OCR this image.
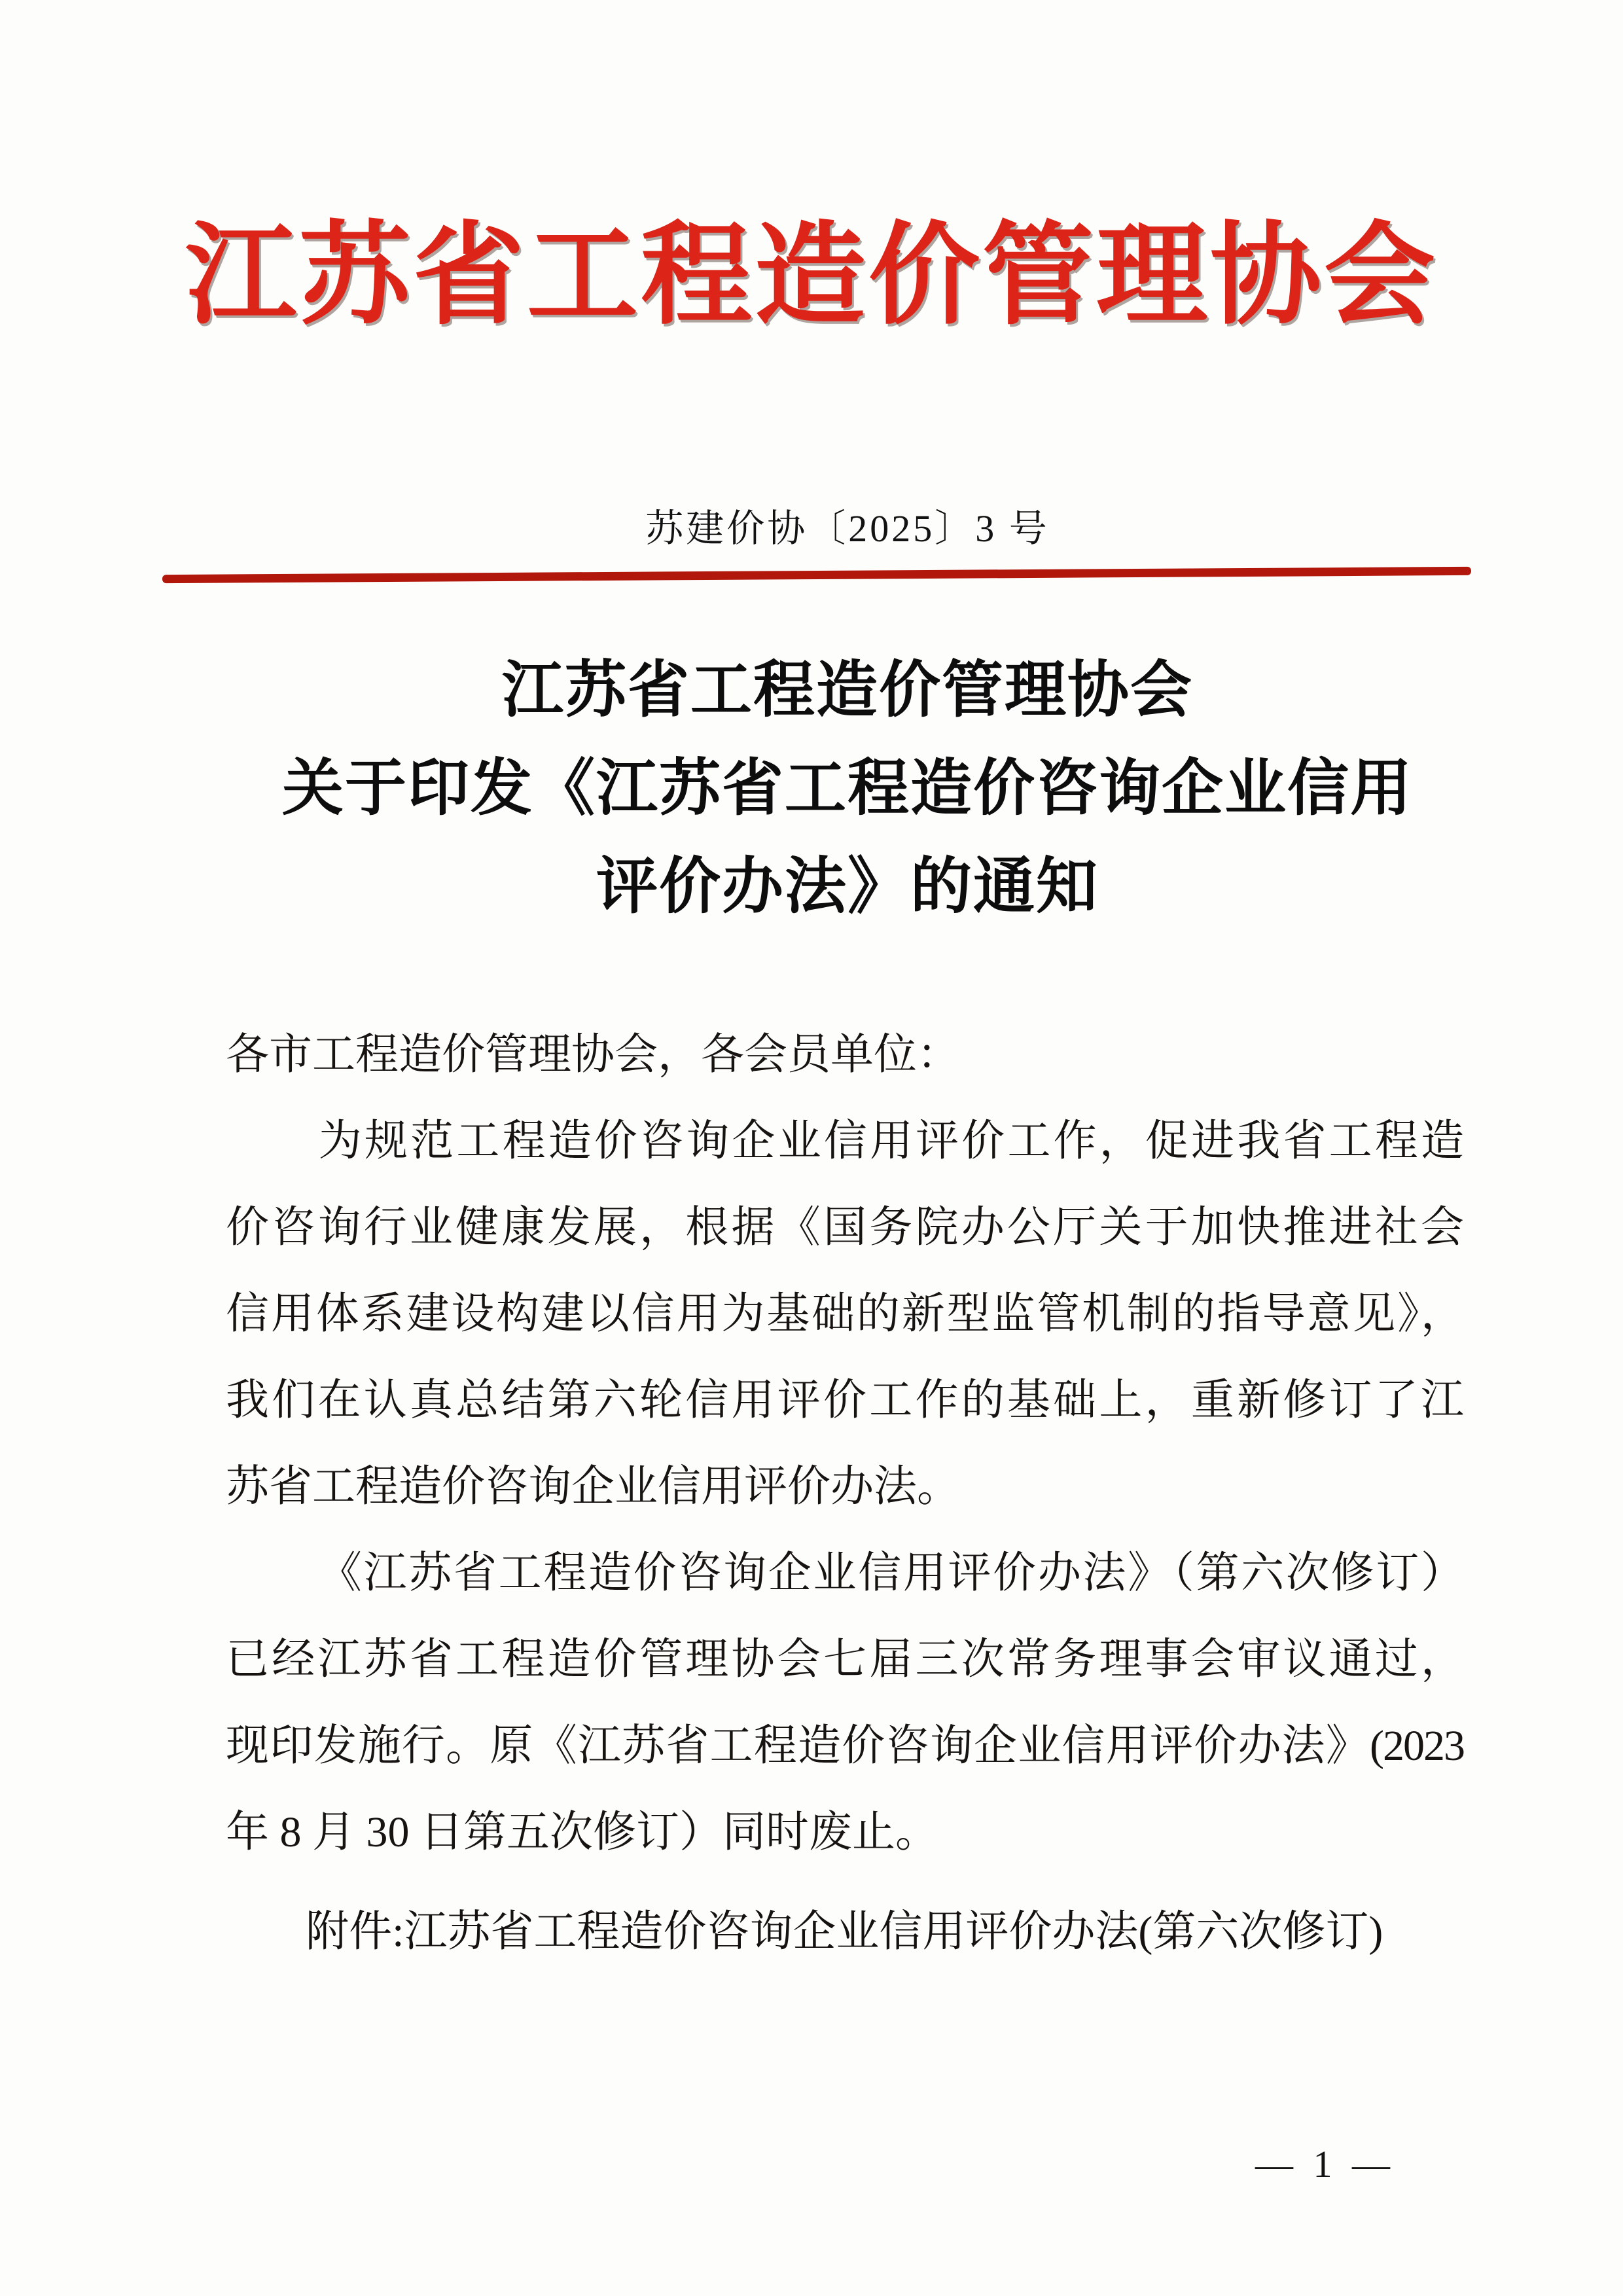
江苏省工程造价管理协会
苏建价协〔2025〕3 号
江苏省工程造价管理协会
关于印发《江苏省工程造价咨询企业信用
评价办法》的通知

各市工程造价管理协会，各会员单位：

为规范工程造价咨询企业信用评价工作，促进我省工程造

价咨询行业健康发展，根据《国务院办公厅关于加快推进社会

信用体系建设构建以信用为基础的新型监管机制的指导意见》，

我们在认真总结第六轮信用评价工作的基础上，重新修订了江

苏省工程造价咨询企业信用评价办法。

《江苏省工程造价咨询企业信用评价办法》（第六次修订）

已经江苏省工程造价管理协会七届三次常务理事会审议通过，

现印发施行。原《江苏省工程造价咨询企业信用评价办法》(2023

年 8 月 30 日第五次修订）同时废止。

附件:江苏省工程造价咨询企业信用评价办法(第六次修订)
— 1 —
